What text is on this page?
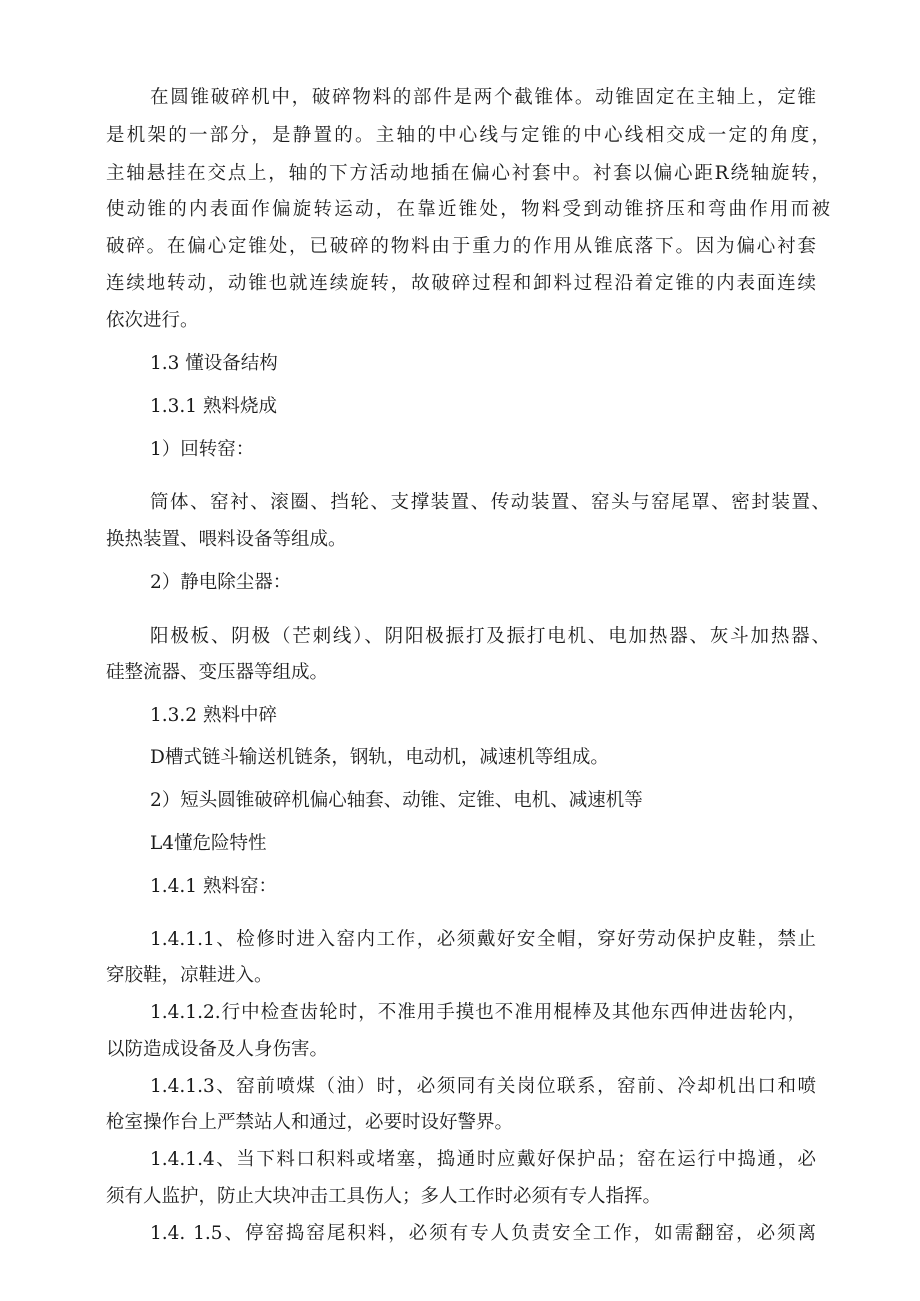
在圆锥破碎机中，破碎物料的部件是两个截锥体。动锥固定在主轴上，定锥
是机架的一部分，是静置的。主轴的中心线与定锥的中心线相交成一定的角度，
主轴悬挂在交点上，轴的下方活动地插在偏心衬套中。衬套以偏心距R绕轴旋转，
使动锥的内表面作偏旋转运动，在靠近锥处，物料受到动锥挤压和弯曲作用而被
破碎。在偏心定锥处，已破碎的物料由于重力的作用从锥底落下。因为偏心衬套
连续地转动，动锥也就连续旋转，故破碎过程和卸料过程沿着定锥的内表面连续
依次进行。
1.3 懂设备结构
1.3.1 熟料烧成
1）回转窑：
筒体、窑衬、滚圈、挡轮、支撑装置、传动装置、窑头与窑尾罩、密封装置、
换热装置、喂料设备等组成。
2）静电除尘器：
阳极板、阴极（芒刺线）、阴阳极振打及振打电机、电加热器、灰斗加热器、
硅整流器、变压器等组成。
1.3.2 熟料中碎
D槽式链斗输送机链条，钢轨，电动机，减速机等组成。
2）短头圆锥破碎机偏心轴套、动锥、定锥、电机、减速机等
L4懂危险特性
1.4.1 熟料窑：
1.4.1.1、检修时进入窑内工作，必须戴好安全帽，穿好劳动保护皮鞋，禁止
穿胶鞋，凉鞋进入。
1.4.1.2.行中检查齿轮时，不准用手摸也不准用棍棒及其他东西伸进齿轮内，
以防造成设备及人身伤害。
1.4.1.3、窑前喷煤（油）时，必须同有关岗位联系，窑前、冷却机出口和喷
枪室操作台上严禁站人和通过，必要时设好警界。
1.4.1.4、当下料口积料或堵塞，捣通时应戴好保护品；窑在运行中捣通，必
须有人监护，防止大块冲击工具伤人；多人工作时必须有专人指挥。
1.4. 1.5、停窑捣窑尾积料，必须有专人负责安全工作，如需翻窑，必须离
